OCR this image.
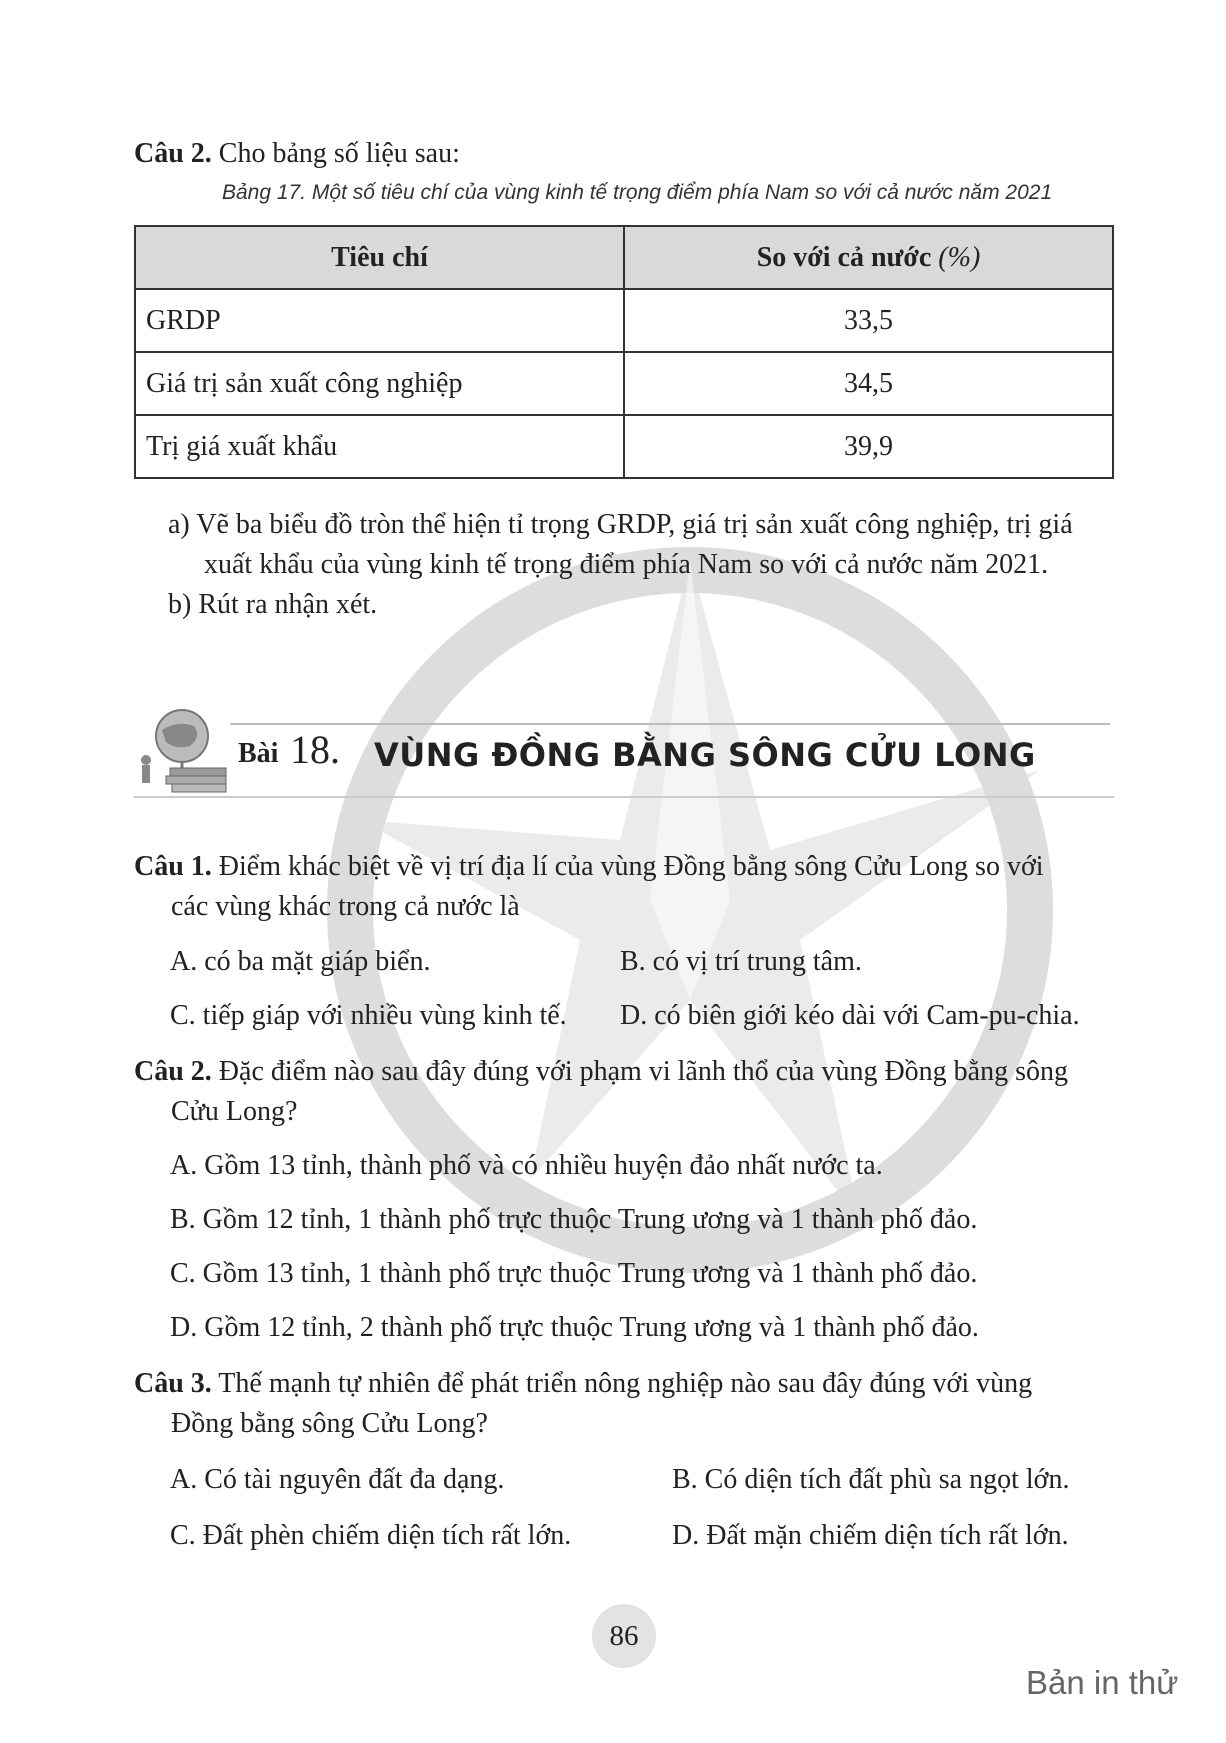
Câu 2. Cho bảng số liệu sau:
Bảng 17. Một số tiêu chí của vùng kinh tế trọng điểm phía Nam so với cả nước năm 2021
Tiêu chí	So với cả nước (%)
GRDP	33,5
Giá trị sản xuất công nghiệp	34,5
Trị giá xuất khẩu	39,9
a) Vẽ ba biểu đồ tròn thể hiện tỉ trọng GRDP, giá trị sản xuất công nghiệp, trị giá
xuất khẩu của vùng kinh tế trọng điểm phía Nam so với cả nước năm 2021.
b) Rút ra nhận xét.
Bài 18. VÙNG ĐỒNG BẰNG SÔNG CỬU LONG
Câu 1. Điểm khác biệt về vị trí địa lí của vùng Đồng bằng sông Cửu Long so với
các vùng khác trong cả nước là
A. có ba mặt giáp biển.	B. có vị trí trung tâm.
C. tiếp giáp với nhiều vùng kinh tế. D. có biên giới kéo dài với Cam-pu-chia.
Câu 2. Đặc điểm nào sau đây đúng với phạm vi lãnh thổ của vùng Đồng bằng sông
Cửu Long?
A. Gồm 13 tỉnh, thành phố và có nhiều huyện đảo nhất nước ta.
B. Gồm 12 tỉnh, 1 thành phố trực thuộc Trung ương và 1 thành phố đảo.
C. Gồm 13 tỉnh, 1 thành phố trực thuộc Trung ương và 1 thành phố đảo.
D. Gồm 12 tỉnh, 2 thành phố trực thuộc Trung ương và 1 thành phố đảo.
Câu 3. Thế mạnh tự nhiên để phát triển nông nghiệp nào sau đây đúng với vùng
Đồng bằng sông Cửu Long?
A. Có tài nguyên đất đa dạng.	B. Có diện tích đất phù sa ngọt lớn.
C. Đất phèn chiếm diện tích rất lớn.	D. Đất mặn chiếm diện tích rất lớn.
86
Bản in thử
